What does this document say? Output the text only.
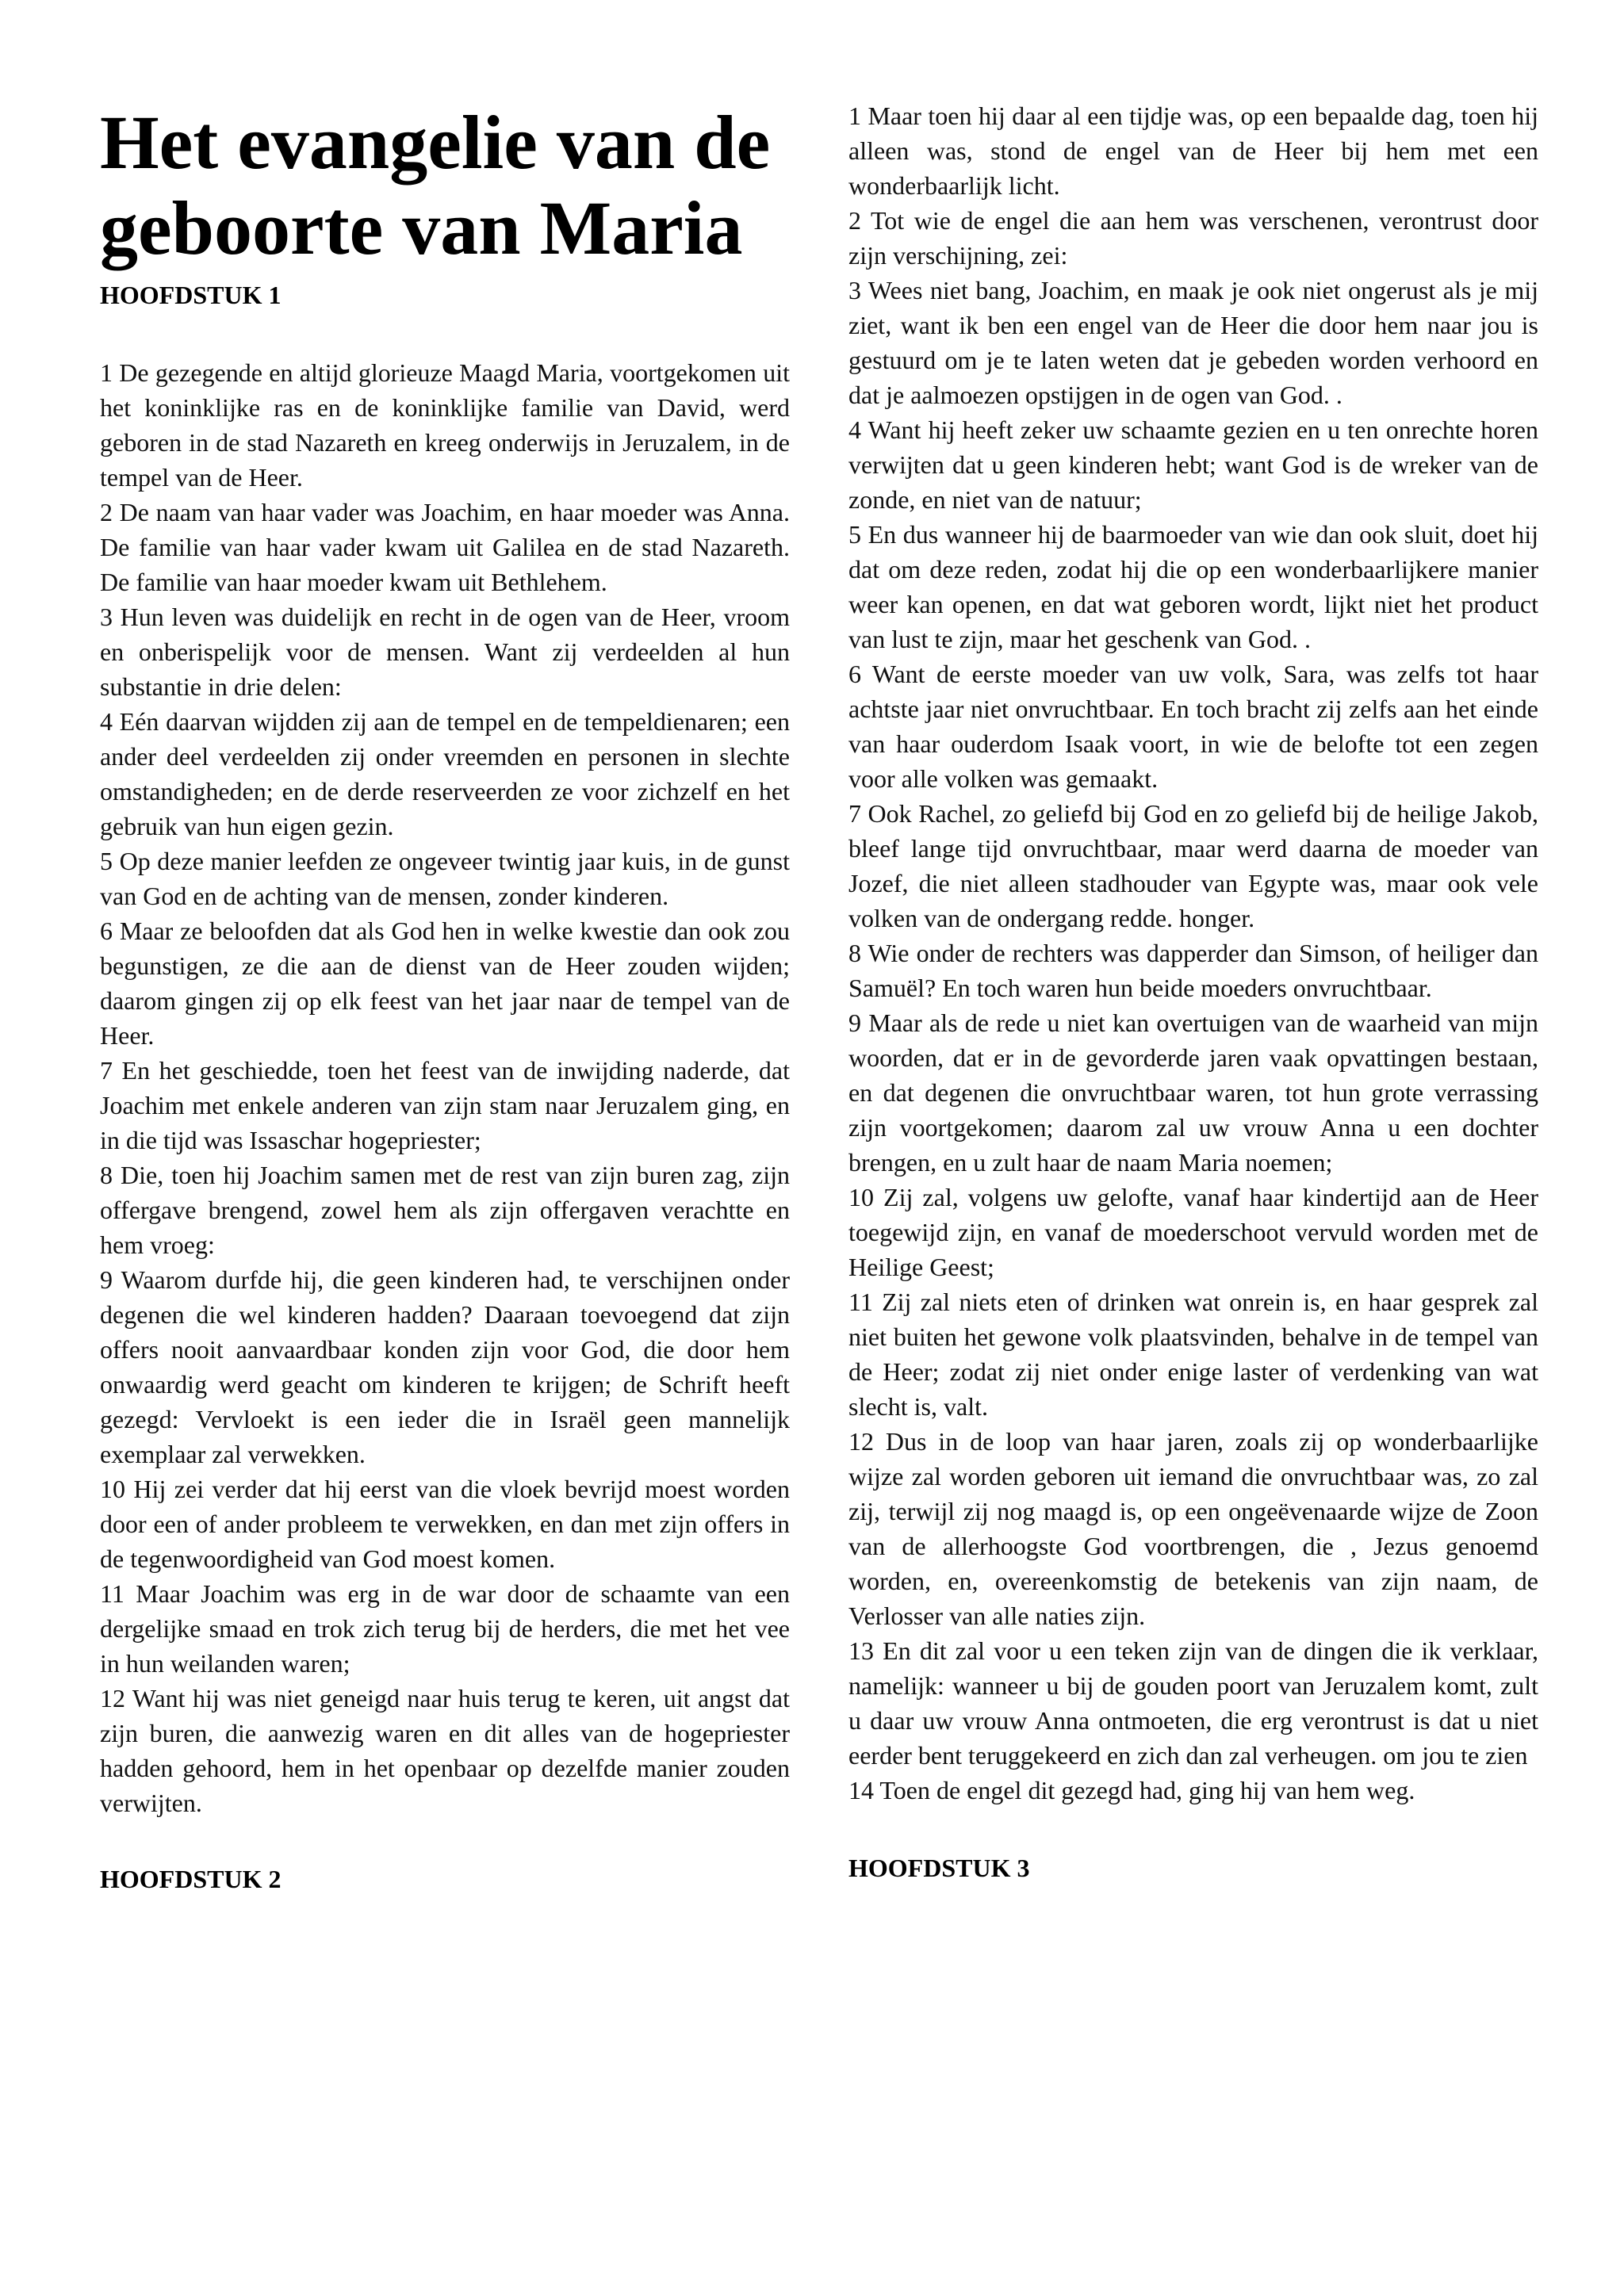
Het evangelie van de geboorte van Maria
HOOFDSTUK 1

1 De gezegende en altijd glorieuze Maagd Maria, voortgekomen uit het koninklijke ras en de koninklijke familie van David, werd geboren in de stad Nazareth en kreeg onderwijs in Jeruzalem, in de tempel van de Heer.

2 De naam van haar vader was Joachim, en haar moeder was Anna. De familie van haar vader kwam uit Galilea en de stad Nazareth. De familie van haar moeder kwam uit Bethlehem.

3 Hun leven was duidelijk en recht in de ogen van de Heer, vroom en onberispelijk voor de mensen. Want zij verdeelden al hun substantie in drie delen:

4 Eén daarvan wijdden zij aan de tempel en de tempeldienaren; een ander deel verdeelden zij onder vreemden en personen in slechte omstandigheden; en de derde reserveerden ze voor zichzelf en het gebruik van hun eigen gezin.

5 Op deze manier leefden ze ongeveer twintig jaar kuis, in de gunst van God en de achting van de mensen, zonder kinderen.

6 Maar ze beloofden dat als God hen in welke kwestie dan ook zou begunstigen, ze die aan de dienst van de Heer zouden wijden; daarom gingen zij op elk feest van het jaar naar de tempel van de Heer.

7 En het geschiedde, toen het feest van de inwijding naderde, dat Joachim met enkele anderen van zijn stam naar Jeruzalem ging, en in die tijd was Issaschar hogepriester;

8 Die, toen hij Joachim samen met de rest van zijn buren zag, zijn offergave brengend, zowel hem als zijn offergaven verachtte en hem vroeg:

9 Waarom durfde hij, die geen kinderen had, te verschijnen onder degenen die wel kinderen hadden? Daaraan toevoegend dat zijn offers nooit aanvaardbaar konden zijn voor God, die door hem onwaardig werd geacht om kinderen te krijgen; de Schrift heeft gezegd: Vervloekt is een ieder die in Israël geen mannelijk exemplaar zal verwekken.

10 Hij zei verder dat hij eerst van die vloek bevrijd moest worden door een of ander probleem te verwekken, en dan met zijn offers in de tegenwoordigheid van God moest komen.

11 Maar Joachim was erg in de war door de schaamte van een dergelijke smaad en trok zich terug bij de herders, die met het vee in hun weilanden waren;

12 Want hij was niet geneigd naar huis terug te keren, uit angst dat zijn buren, die aanwezig waren en dit alles van de hogepriester hadden gehoord, hem in het openbaar op dezelfde manier zouden verwijten.

HOOFDSTUK 2

1 Maar toen hij daar al een tijdje was, op een bepaalde dag, toen hij alleen was, stond de engel van de Heer bij hem met een wonderbaarlijk licht.

2 Tot wie de engel die aan hem was verschenen, verontrust door zijn verschijning, zei:

3 Wees niet bang, Joachim, en maak je ook niet ongerust als je mij ziet, want ik ben een engel van de Heer die door hem naar jou is gestuurd om je te laten weten dat je gebeden worden verhoord en dat je aalmoezen opstijgen in de ogen van God. .

4 Want hij heeft zeker uw schaamte gezien en u ten onrechte horen verwijten dat u geen kinderen hebt; want God is de wreker van de zonde, en niet van de natuur;

5 En dus wanneer hij de baarmoeder van wie dan ook sluit, doet hij dat om deze reden, zodat hij die op een wonderbaarlijkere manier weer kan openen, en dat wat geboren wordt, lijkt niet het product van lust te zijn, maar het geschenk van God. .

6 Want de eerste moeder van uw volk, Sara, was zelfs tot haar achtste jaar niet onvruchtbaar. En toch bracht zij zelfs aan het einde van haar ouderdom Isaak voort, in wie de belofte tot een zegen voor alle volken was gemaakt.

7 Ook Rachel, zo geliefd bij God en zo geliefd bij de heilige Jakob, bleef lange tijd onvruchtbaar, maar werd daarna de moeder van Jozef, die niet alleen stadhouder van Egypte was, maar ook vele volken van de ondergang redde. honger.

8 Wie onder de rechters was dapperder dan Simson, of heiliger dan Samuël? En toch waren hun beide moeders onvruchtbaar.

9 Maar als de rede u niet kan overtuigen van de waarheid van mijn woorden, dat er in de gevorderde jaren vaak opvattingen bestaan, en dat degenen die onvruchtbaar waren, tot hun grote verrassing zijn voortgekomen; daarom zal uw vrouw Anna u een dochter brengen, en u zult haar de naam Maria noemen;

10 Zij zal, volgens uw gelofte, vanaf haar kindertijd aan de Heer toegewijd zijn, en vanaf de moederschoot vervuld worden met de Heilige Geest;

11 Zij zal niets eten of drinken wat onrein is, en haar gesprek zal niet buiten het gewone volk plaatsvinden, behalve in de tempel van de Heer; zodat zij niet onder enige laster of verdenking van wat slecht is, valt.

12 Dus in de loop van haar jaren, zoals zij op wonderbaarlijke wijze zal worden geboren uit iemand die onvruchtbaar was, zo zal zij, terwijl zij nog maagd is, op een ongeëvenaarde wijze de Zoon van de allerhoogste God voortbrengen, die , Jezus genoemd worden, en, overeenkomstig de betekenis van zijn naam, de Verlosser van alle naties zijn.

13 En dit zal voor u een teken zijn van de dingen die ik verklaar, namelijk: wanneer u bij de gouden poort van Jeruzalem komt, zult u daar uw vrouw Anna ontmoeten, die erg verontrust is dat u niet eerder bent teruggekeerd en zich dan zal verheugen. om jou te zien

14 Toen de engel dit gezegd had, ging hij van hem weg.

HOOFDSTUK 3
